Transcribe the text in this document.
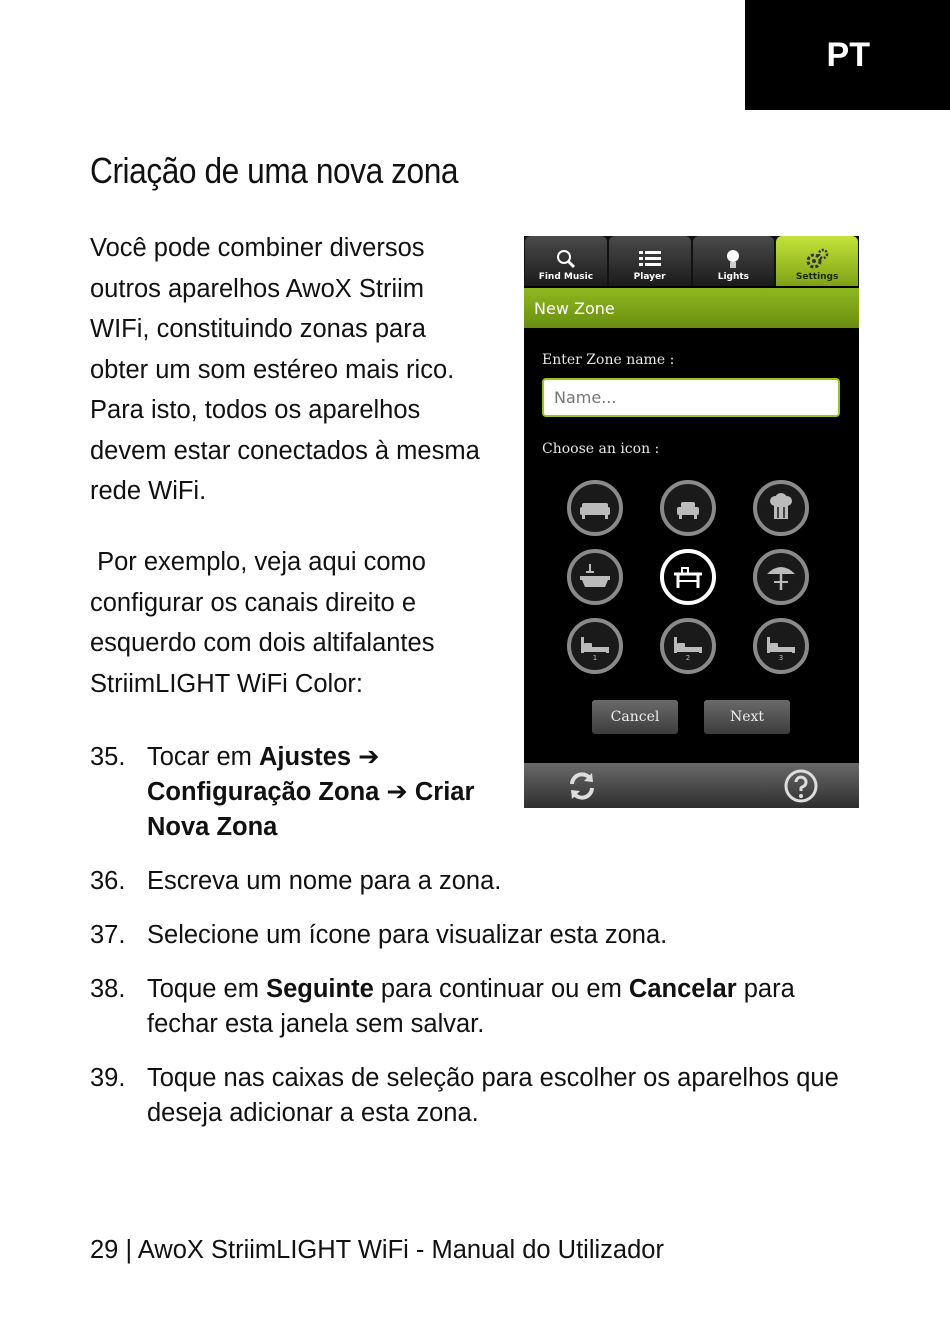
PT
Criação de uma nova zona

Você pode combiner diversos
outros aparelhos AwoX Striim
WIFi, constituindo zonas para
obter um som estéreo mais rico.
Para isto, todos os aparelhos
devem estar conectados à mesma
rede WiFi.

Por exemplo, veja aqui como
configurar os canais direito e
esquerdo com dois altifalantes
StriimLIGHT WiFi Color:

35. Tocar em Ajustes ➔
Configuração Zona ➔ Criar
Nova Zona
36. Escreva um nome para a zona.
37. Selecione um ícone para visualizar esta zona.
38. Toque em Seguinte para continuar ou em Cancelar para fechar esta janela sem salvar.
39. Toque nas caixas de seleção para escolher os aparelhos que deseja adicionar a esta zona.
29 | AwoX StriimLIGHT WiFi - Manual do Utilizador
Find Music	Player	Lights	Settings
New Zone
Enter Zone name :
Name...
Choose an icon :
1	2	3
Cancel	Next
